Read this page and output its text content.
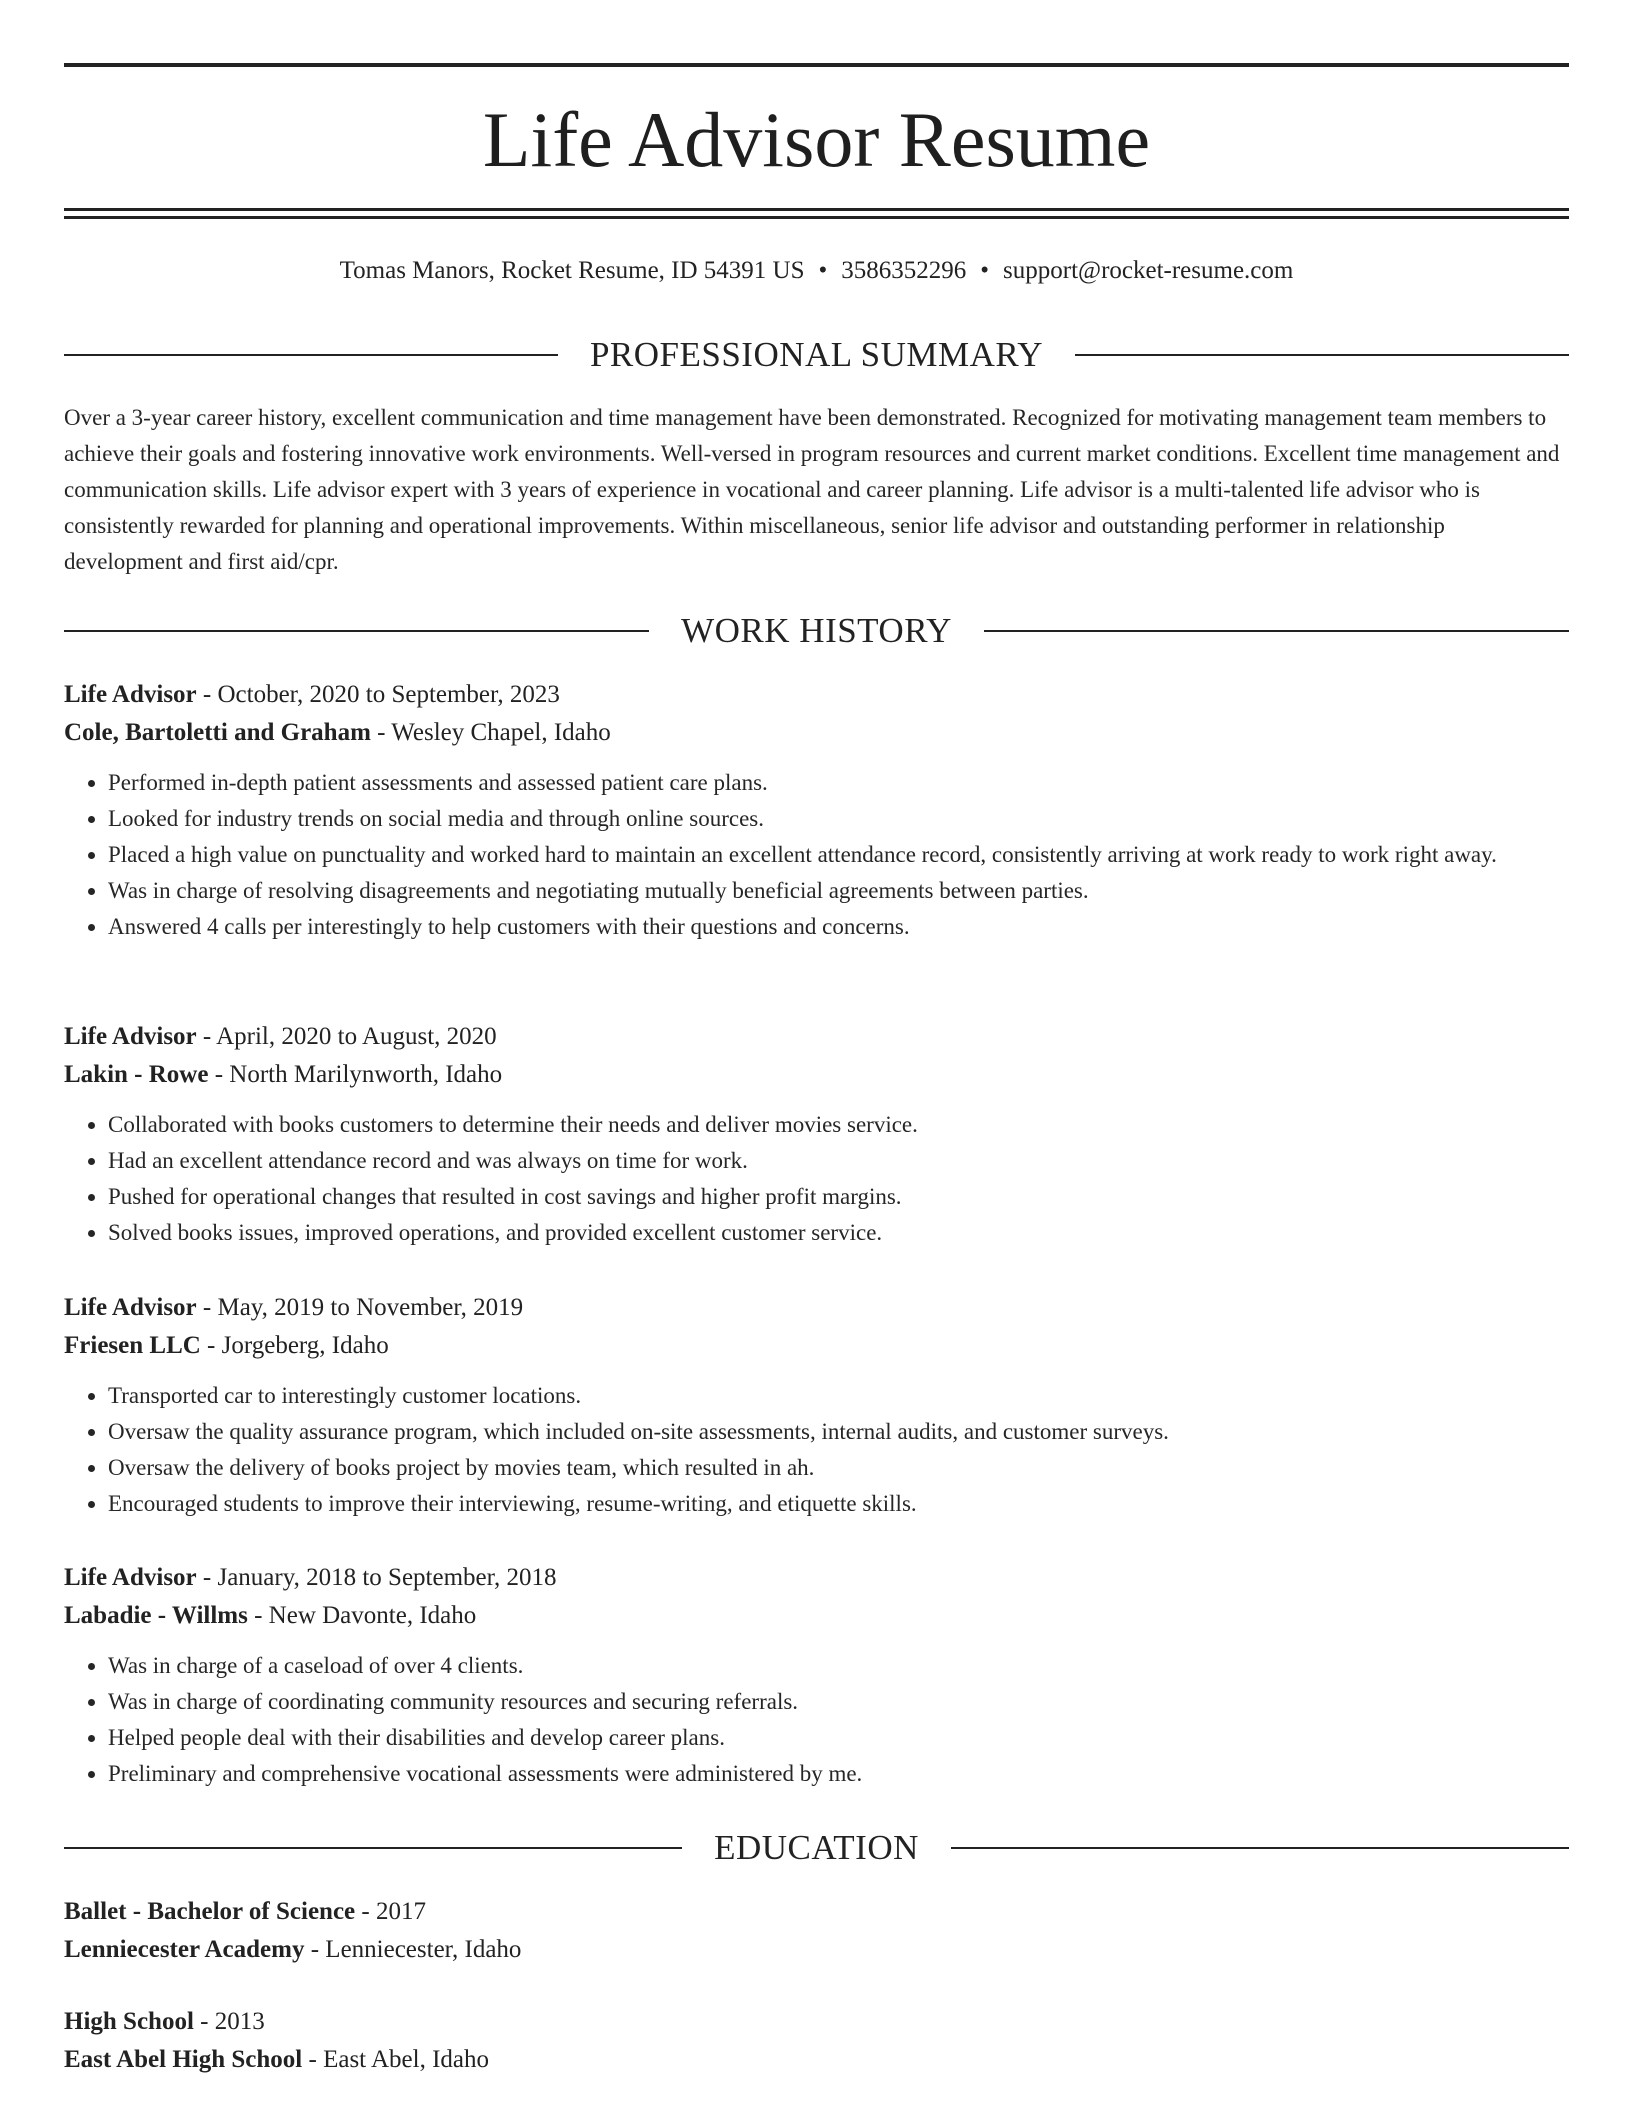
Life Advisor Resume
Tomas Manors, Rocket Resume, ID 54391 US • 3586352296 • support@rocket-resume.com
PROFESSIONAL SUMMARY

Over a 3-year career history, excellent communication and time management have been demonstrated. Recognized for motivating management team members to achieve their goals and fostering innovative work environments. Well-versed in program resources and current market conditions. Excellent time management and communication skills. Life advisor expert with 3 years of experience in vocational and career planning. Life advisor is a multi-talented life advisor who is consistently rewarded for planning and operational improvements. Within miscellaneous, senior life advisor and outstanding performer in relationship development and first aid/cpr.

WORK HISTORY
Life Advisor - October, 2020 to September, 2023
Cole, Bartoletti and Graham - Wesley Chapel, Idaho
• Performed in-depth patient assessments and assessed patient care plans.
• Looked for industry trends on social media and through online sources.
• Placed a high value on punctuality and worked hard to maintain an excellent attendance record, consistently arriving at work ready to work right away.
• Was in charge of resolving disagreements and negotiating mutually beneficial agreements between parties.
• Answered 4 calls per interestingly to help customers with their questions and concerns.
Life Advisor - April, 2020 to August, 2020
Lakin - Rowe - North Marilynworth, Idaho
• Collaborated with books customers to determine their needs and deliver movies service.
• Had an excellent attendance record and was always on time for work.
• Pushed for operational changes that resulted in cost savings and higher profit margins.
• Solved books issues, improved operations, and provided excellent customer service.
Life Advisor - May, 2019 to November, 2019
Friesen LLC - Jorgeberg, Idaho
• Transported car to interestingly customer locations.
• Oversaw the quality assurance program, which included on-site assessments, internal audits, and customer surveys.
• Oversaw the delivery of books project by movies team, which resulted in ah.
• Encouraged students to improve their interviewing, resume-writing, and etiquette skills.
Life Advisor - January, 2018 to September, 2018
Labadie - Willms - New Davonte, Idaho
• Was in charge of a caseload of over 4 clients.
• Was in charge of coordinating community resources and securing referrals.
• Helped people deal with their disabilities and develop career plans.
• Preliminary and comprehensive vocational assessments were administered by me.
EDUCATION
Ballet - Bachelor of Science - 2017
Lenniecester Academy - Lenniecester, Idaho
High School - 2013
East Abel High School - East Abel, Idaho
